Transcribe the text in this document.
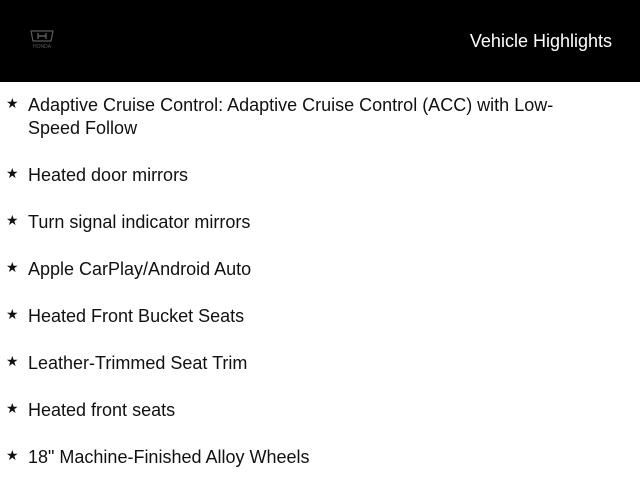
HONDA	Vehicle Highlights
★ Adaptive Cruise Control: Adaptive Cruise Control (ACC) with Low-Speed Follow
★ Heated door mirrors
★ Turn signal indicator mirrors
★ Apple CarPlay/Android Auto
★ Heated Front Bucket Seats
★ Leather-Trimmed Seat Trim
★ Heated front seats
★ 18" Machine-Finished Alloy Wheels
